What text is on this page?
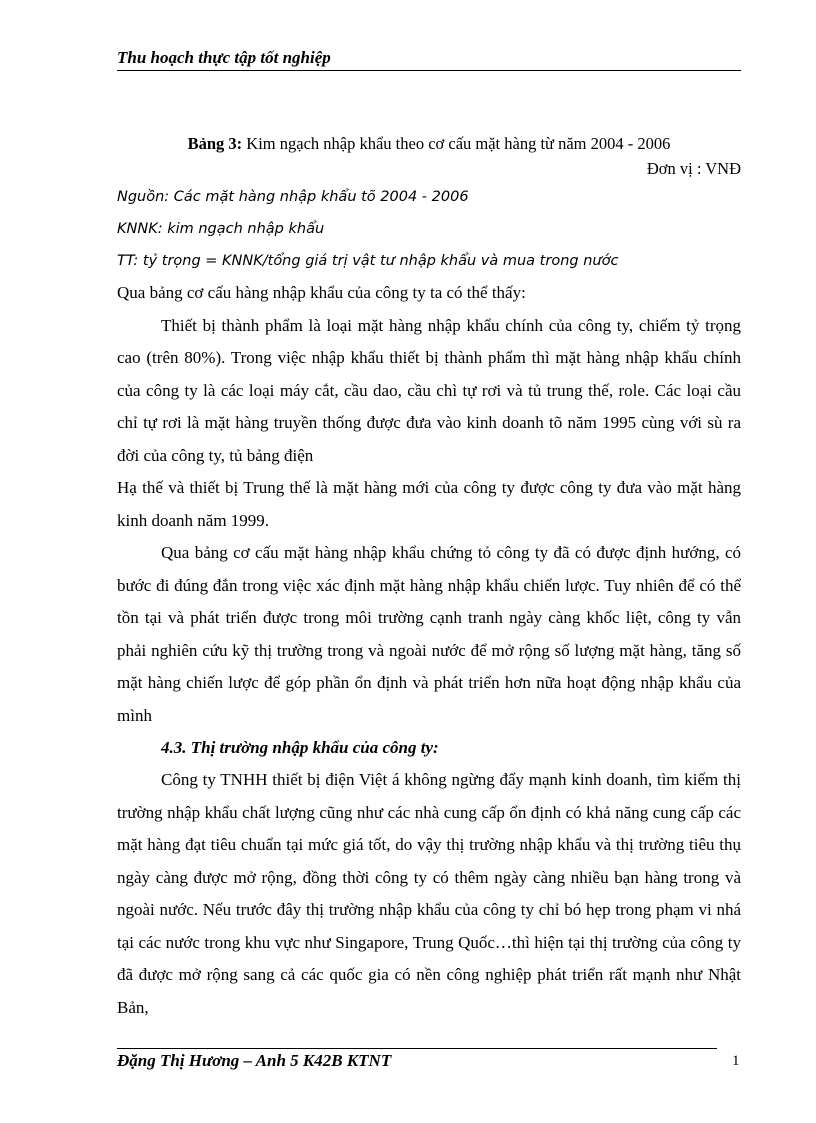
Thu hoạch thực tập tốt nghiệp

Bảng 3: Kim ngạch nhập khẩu theo cơ cấu mặt hàng từ năm 2004 - 2006

Đơn vị : VNĐ

Nguồn: Các mặt hàng nhập khẩu tõ 2004 - 2006

KNNK: kim ngạch nhập khẩu

TT: tỷ trọng = KNNK/tổng giá trị vật tư nhập khẩu và mua trong nước

Qua bảng cơ cấu hàng nhập khẩu của công ty ta có thể thấy:

Thiết bị thành phẩm là loại mặt hàng nhập khẩu chính của công ty, chiếm tỷ trọng cao (trên 80%). Trong việc nhập khẩu thiết bị thành phẩm thì mặt hàng nhập khẩu chính của công ty là các loại máy cắt, cầu dao, cầu chì tự rơi và tủ trung thế, role. Các loại cầu chỉ tự rơi là mặt hàng truyền thống được đưa vào kinh doanh tõ năm 1995 cùng với sù ra đời của công ty, tủ bảng điện

Hạ thế và thiết bị Trung thế là mặt hàng mới của công ty được công ty đưa vào mặt hàng kinh doanh năm 1999.

Qua bảng cơ cấu mặt hàng nhập khẩu chứng tỏ công ty đã có được định hướng, có bước đi đúng đắn trong việc xác định mặt hàng nhập khẩu chiến lược. Tuy nhiên để có thể tồn tại và phát triển được trong môi trường cạnh tranh ngày càng khốc liệt, công ty vẫn phải nghiên cứu kỹ thị trường trong và ngoài nước để mở rộng số lượng mặt hàng, tăng số mặt hàng chiến lược để góp phần ổn định và phát triển hơn nữa hoạt động nhập khẩu của mình

4.3. Thị trường nhập khẩu của công ty:

Công ty TNHH thiết bị điện Việt á không ngừng đẩy mạnh kinh doanh, tìm kiếm thị trường nhập khẩu chất lượng cũng như các nhà cung cấp ổn định có khả năng cung cấp các mặt hàng đạt tiêu chuẩn tại mức giá tốt, do vậy thị trường nhập khẩu và thị trường tiêu thụ ngày càng được mở rộng, đồng thời công ty có thêm ngày càng nhiều bạn hàng trong và ngoài nước. Nếu trước đây thị trường nhập khẩu của công ty chỉ bó hẹp trong phạm vi nhá tại các nước trong khu vực như Singapore, Trung Quốc…thì hiện tại thị trường của công ty đã được mở rộng sang cả các quốc gia có nền công nghiệp phát triển rất mạnh như Nhật Bản,

Đặng Thị Hương – Anh 5 K42B KTNT	1
